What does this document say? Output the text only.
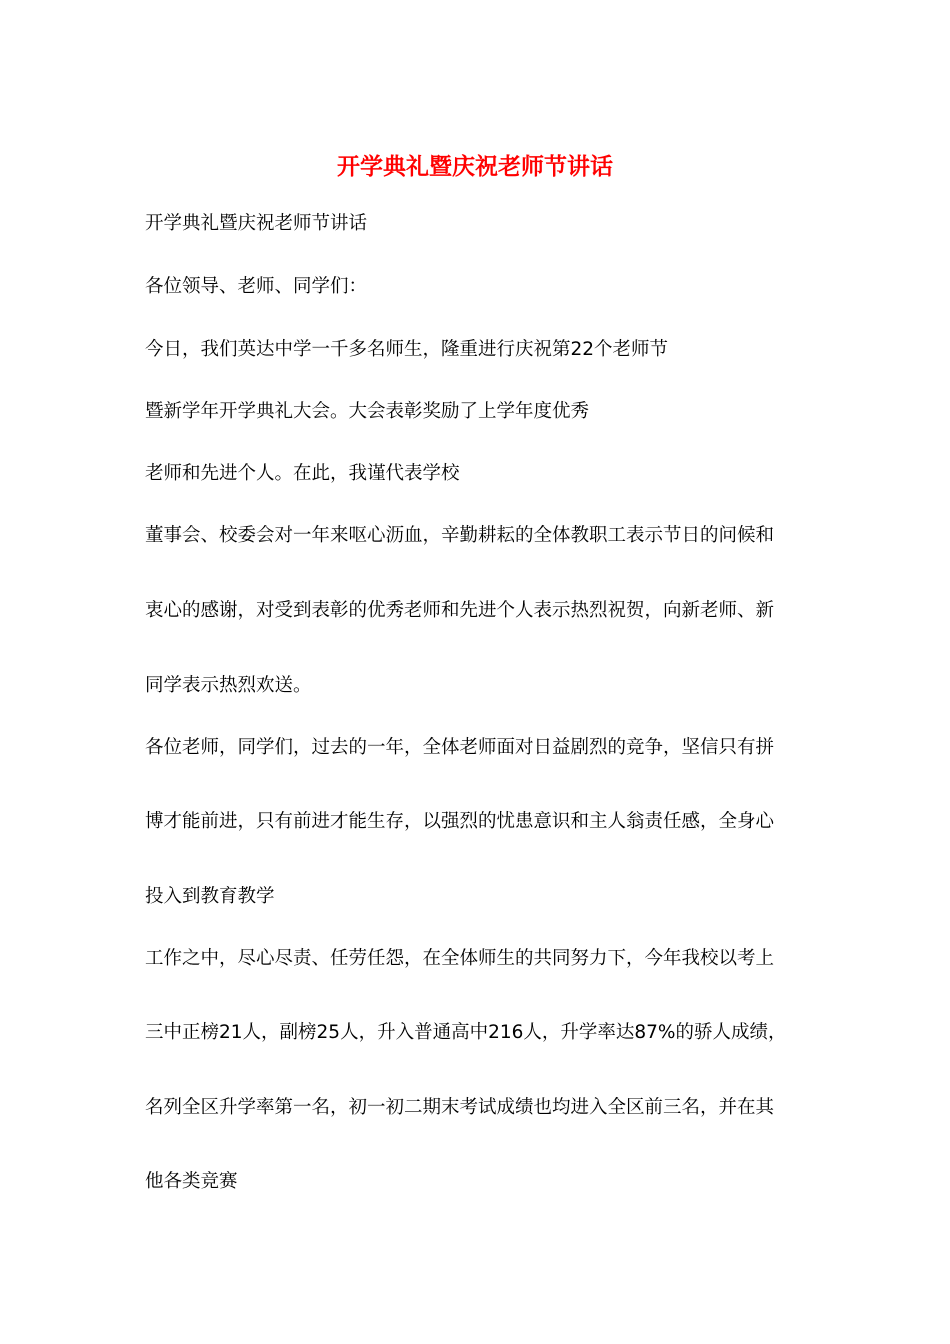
开学典礼暨庆祝老师节讲话

开学典礼暨庆祝老师节讲话

各位领导、老师、同学们：

今日，我们英达中学一千多名师生，隆重进行庆祝第22个老师节

暨新学年开学典礼大会。大会表彰奖励了上学年度优秀

老师和先进个人。在此，我谨代表学校

董事会、校委会对一年来呕心沥血，辛勤耕耘的全体教职工表示节日的问候和

衷心的感谢，对受到表彰的优秀老师和先进个人表示热烈祝贺，向新老师、新

同学表示热烈欢送。

各位老师，同学们，过去的一年，全体老师面对日益剧烈的竞争，坚信只有拼

博才能前进，只有前进才能生存，以强烈的忧患意识和主人翁责任感，全身心

投入到教育教学

工作之中，尽心尽责、任劳任怨，在全体师生的共同努力下，今年我校以考上

三中正榜21人，副榜25人，升入普通高中216人，升学率达87%的骄人成绩，

名列全区升学率第一名，初一初二期末考试成绩也均进入全区前三名，并在其

他各类竞赛
